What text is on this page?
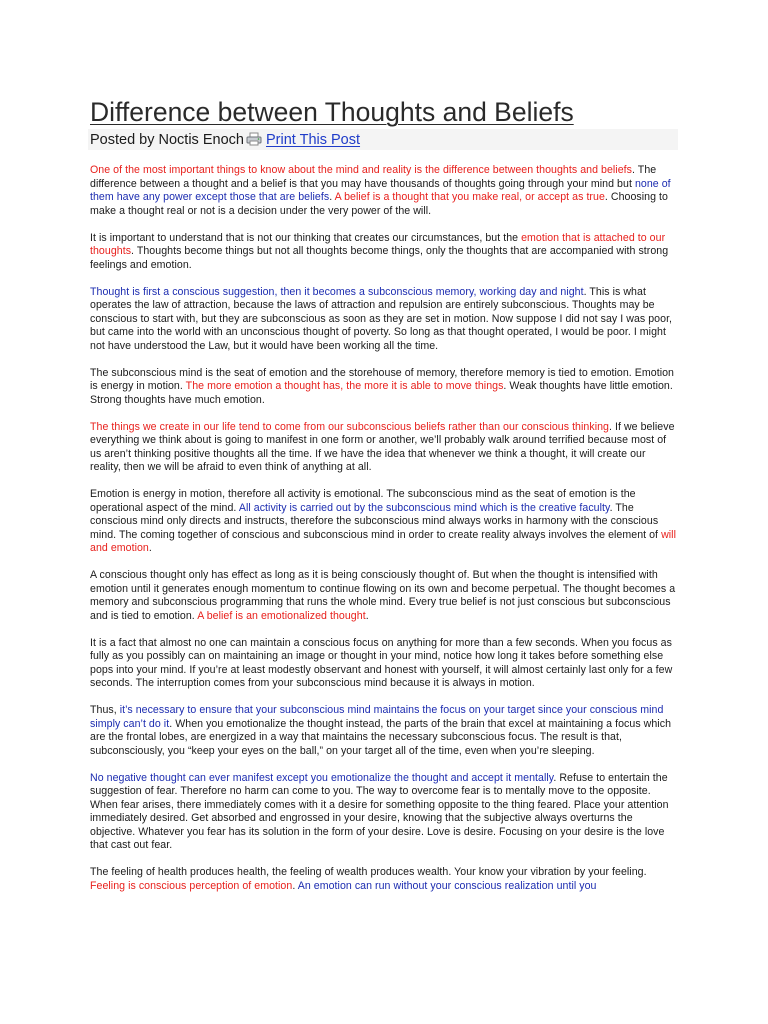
Difference between Thoughts and Beliefs
Posted by Noctis Enoch	Print This Post

One of the most important things to know about the mind and reality is the difference between thoughts and beliefs. The difference between a thought and a belief is that you may have thousands of thoughts going through your mind but none of them have any power except those that are beliefs. A belief is a thought that you make real, or accept as true. Choosing to make a thought real or not is a decision under the very power of the will.

It is important to understand that is not our thinking that creates our circumstances, but the emotion that is attached to our thoughts. Thoughts become things but not all thoughts become things, only the thoughts that are accompanied with strong feelings and emotion.

Thought is first a conscious suggestion, then it becomes a subconscious memory, working day and night. This is what operates the law of attraction, because the laws of attraction and repulsion are entirely subconscious. Thoughts may be conscious to start with, but they are subconscious as soon as they are set in motion. Now suppose I did not say I was poor, but came into the world with an unconscious thought of poverty. So long as that thought operated, I would be poor. I might not have understood the Law, but it would have been working all the time.

The subconscious mind is the seat of emotion and the storehouse of memory, therefore memory is tied to emotion. Emotion is energy in motion. The more emotion a thought has, the more it is able to move things. Weak thoughts have little emotion. Strong thoughts have much emotion.

The things we create in our life tend to come from our subconscious beliefs rather than our conscious thinking. If we believe everything we think about is going to manifest in one form or another, we’ll probably walk around terrified because most of us aren’t thinking positive thoughts all the time. If we have the idea that whenever we think a thought, it will create our reality, then we will be afraid to even think of anything at all.

Emotion is energy in motion, therefore all activity is emotional. The subconscious mind as the seat of emotion is the operational aspect of the mind. All activity is carried out by the subconscious mind which is the creative faculty. The conscious mind only directs and instructs, therefore the subconscious mind always works in harmony with the conscious mind. The coming together of conscious and subconscious mind in order to create reality always involves the element of will and emotion.

A conscious thought only has effect as long as it is being consciously thought of. But when the thought is intensified with emotion until it generates enough momentum to continue flowing on its own and become perpetual. The thought becomes a memory and subconscious programming that runs the whole mind. Every true belief is not just conscious but subconscious and is tied to emotion. A belief is an emotionalized thought.

It is a fact that almost no one can maintain a conscious focus on anything for more than a few seconds. When you focus as fully as you possibly can on maintaining an image or thought in your mind, notice how long it takes before something else pops into your mind. If you’re at least modestly observant and honest with yourself, it will almost certainly last only for a few seconds. The interruption comes from your subconscious mind because it is always in motion.

Thus, it’s necessary to ensure that your subconscious mind maintains the focus on your target since your conscious mind simply can’t do it. When you emotionalize the thought instead, the parts of the brain that excel at maintaining a focus which are the frontal lobes, are energized in a way that maintains the necessary subconscious focus. The result is that, subconsciously, you “keep your eyes on the ball,” on your target all of the time, even when you’re sleeping.

No negative thought can ever manifest except you emotionalize the thought and accept it mentally. Refuse to entertain the suggestion of fear. Therefore no harm can come to you. The way to overcome fear is to mentally move to the opposite. When fear arises, there immediately comes with it a desire for something opposite to the thing feared. Place your attention immediately desired. Get absorbed and engrossed in your desire, knowing that the subjective always overturns the objective. Whatever you fear has its solution in the form of your desire. Love is desire. Focusing on your desire is the love that cast out fear.

The feeling of health produces health, the feeling of wealth produces wealth. Your know your vibration by your feeling. Feeling is conscious perception of emotion. An emotion can run without your conscious realization until you
